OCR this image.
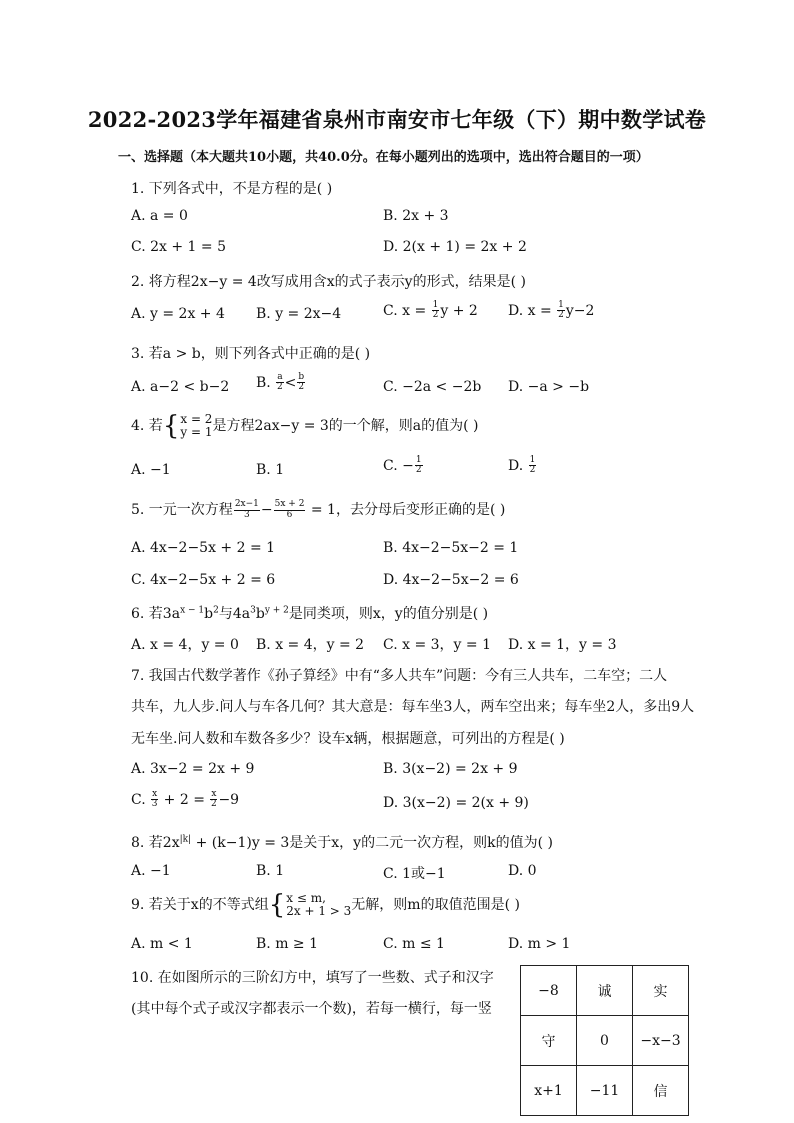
2022-2023学年福建省泉州市南安市七年级（下）期中数学试卷
一、选择题（本大题共10小题，共40.0分。在每小题列出的选项中，选出符合题目的一项）
1. 下列各式中，不是方程的是( )
A. a = 0	B. 2x + 3
C. 2x + 1 = 5	D. 2(x + 1) = 2x + 2
2. 将方程2x−y = 4改写成用含x的式子表示y的形式，结果是( )
A. y = 2x + 4 B. y = 2x−4	C. $x = \frac{1}{2}$ y + 2 D. $x = \frac{1}{2} y-2$
3. 若a > b，则下列各式中正确的是( )
A. a−2 < b−2 B. $\frac{a}{2} < \frac{b}{2}$	C. −2a < −2b D. −a > −b
4. 若 { x = 2
y = 1 是方程2ax−y = 3的一个解，则a的值为( )
A. −1	B. 1	C. − $\frac{1}{2}$	D. $\frac{1}{2}$
5. 一元一次方程 $\frac{2x-1}{3} - \frac{5x + 2}{6} = 1$，去分母后变形正确的是( )
A. 4x−2−5x + 2 = 1	B. 4x−2−5x−2 = 1
C. 4x−2−5x + 2 = 6	D. 4x−2−5x−2 = 6
6. 若$3a^{x - 1}b^2$与$4a^3b^{y + 2}$是同类项，则x，y的值分别是( )
A. x = 4，y = 0 B. x = 4，y = 2 C. x = 3，y = 1 D. x = 1，y = 3
7. 我国古代数学著作《孙子算经》中有“多人共车”问题：今有三人共车，二车空；二人
共车，九人步.问人与车各几何？其大意是：每车坐3人，两车空出来；每车坐2人，多出9人
无车坐.问人数和车数各多少？设车x辆，根据题意，可列出的方程是( )
A. 3x−2 = 2x + 9	B. 3(x−2) = 2x + 9
C. $\frac{x}{3} + 2 = \frac{x}{2} -9$	D. 3(x−2) = 2(x + 9)
8. 若$2x^{|k|} + (k-1)y = 3$是关于x，y的二元一次方程，则k的值为( )
A. −1	B. 1	C. 1或−1	D. 0
9. 若关于x的不等式组 { x ≤ m,
2x + 1 > 3 无解，则m的取值范围是( )
A. m < 1	B. m ≥ 1	C. m ≤ 1	D. m > 1
10. 在如图所示的三阶幻方中，填写了一些数、式子和汉字
(其中每个式子或汉字都表示一个数)，若每一横行，每一竖
−8	诚	实
守	0	−x−3
x+1	−11	信
